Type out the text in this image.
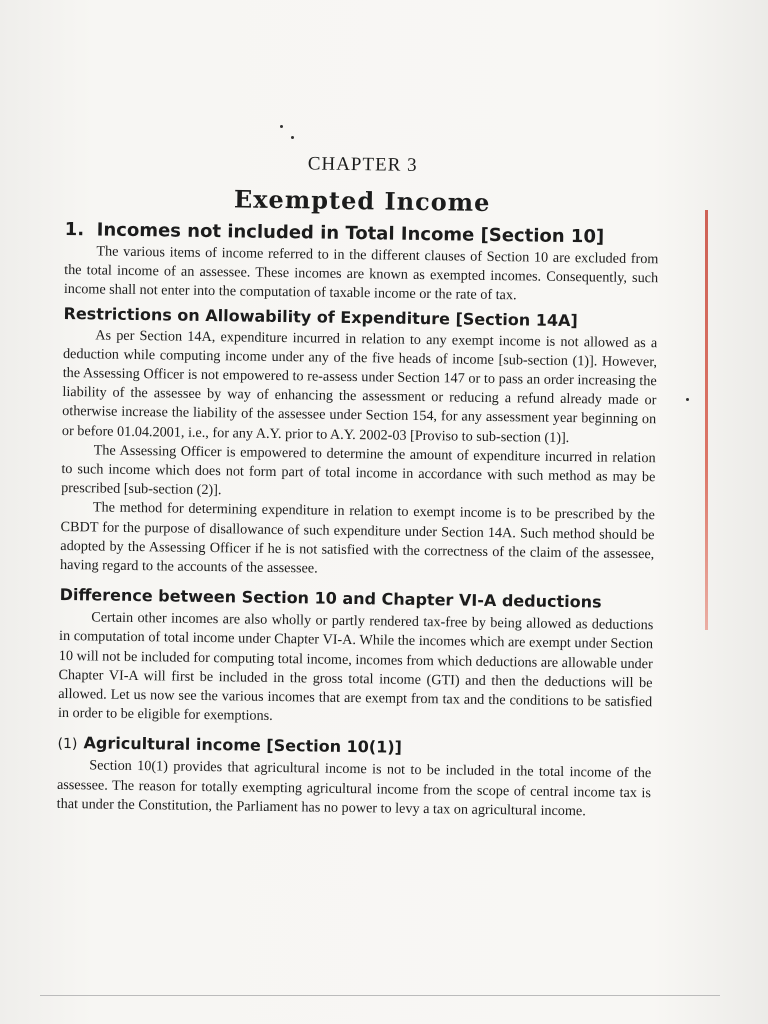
CHAPTER 3
Exempted Income
1. Incomes not included in Total Income [Section 10]

The various items of income referred to in the different clauses of Section 10 are excluded from the total income of an assessee. These incomes are known as exempted incomes. Consequently, such income shall not enter into the computation of taxable income or the rate of tax.

Restrictions on Allowability of Expenditure [Section 14A]

As per Section 14A, expenditure incurred in relation to any exempt income is not allowed as a deduction while computing income under any of the five heads of income [sub-section (1)]. However, the Assessing Officer is not empowered to re-assess under Section 147 or to pass an order increasing the liability of the assessee by way of enhancing the assessment or reducing a refund already made or otherwise increase the liability of the assessee under Section 154, for any assessment year beginning on or before 01.04.2001, i.e., for any A.Y. prior to A.Y. 2002-03 [Proviso to sub-section (1)].

The Assessing Officer is empowered to determine the amount of expenditure incurred in relation to such income which does not form part of total income in accordance with such method as may be prescribed [sub-section (2)].

The method for determining expenditure in relation to exempt income is to be prescribed by the CBDT for the purpose of disallowance of such expenditure under Section 14A. Such method should be adopted by the Assessing Officer if he is not satisfied with the correctness of the claim of the assessee, having regard to the accounts of the assessee.

Difference between Section 10 and Chapter VI-A deductions

Certain other incomes are also wholly or partly rendered tax-free by being allowed as deductions in computation of total income under Chapter VI-A. While the incomes which are exempt under Section 10 will not be included for computing total income, incomes from which deductions are allowable under Chapter VI-A will first be included in the gross total income (GTI) and then the deductions will be allowed. Let us now see the various incomes that are exempt from tax and the conditions to be satisfied in order to be eligible for exemptions.

(1) Agricultural income [Section 10(1)]

Section 10(1) provides that agricultural income is not to be included in the total income of the assessee. The reason for totally exempting agricultural income from the scope of central income tax is that under the Constitution, the Parliament has no power to levy a tax on agricultural income.
